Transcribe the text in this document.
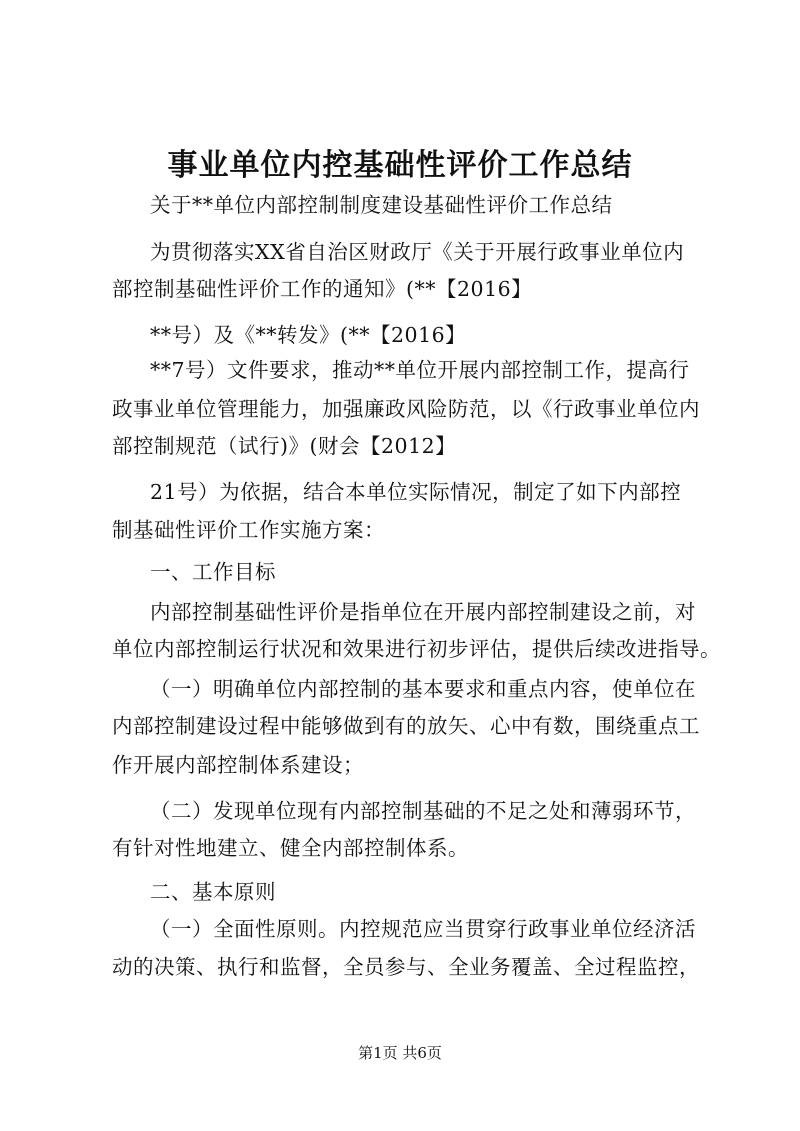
事业单位内控基础性评价工作总结
关于**单位内部控制制度建设基础性评价工作总结
为贯彻落实XX省自治区财政厅《关于开展行政事业单位内
部控制基础性评价工作的通知》(**【2016】
**号）及《**转发》(**【2016】
**7号）文件要求，推动**单位开展内部控制工作，提高行
政事业单位管理能力，加强廉政风险防范，以《行政事业单位内
部控制规范（试行)》(财会【2012】
21号）为依据，结合本单位实际情况，制定了如下内部控
制基础性评价工作实施方案：
一、工作目标
内部控制基础性评价是指单位在开展内部控制建设之前，对
单位内部控制运行状况和效果进行初步评估，提供后续改进指导。
（一）明确单位内部控制的基本要求和重点内容，使单位在
内部控制建设过程中能够做到有的放矢、心中有数，围绕重点工
作开展内部控制体系建设；
（二）发现单位现有内部控制基础的不足之处和薄弱环节，
有针对性地建立、健全内部控制体系。
二、基本原则
（一）全面性原则。内控规范应当贯穿行政事业单位经济活
动的决策、执行和监督，全员参与、全业务覆盖、全过程监控，
第1页 共6页
